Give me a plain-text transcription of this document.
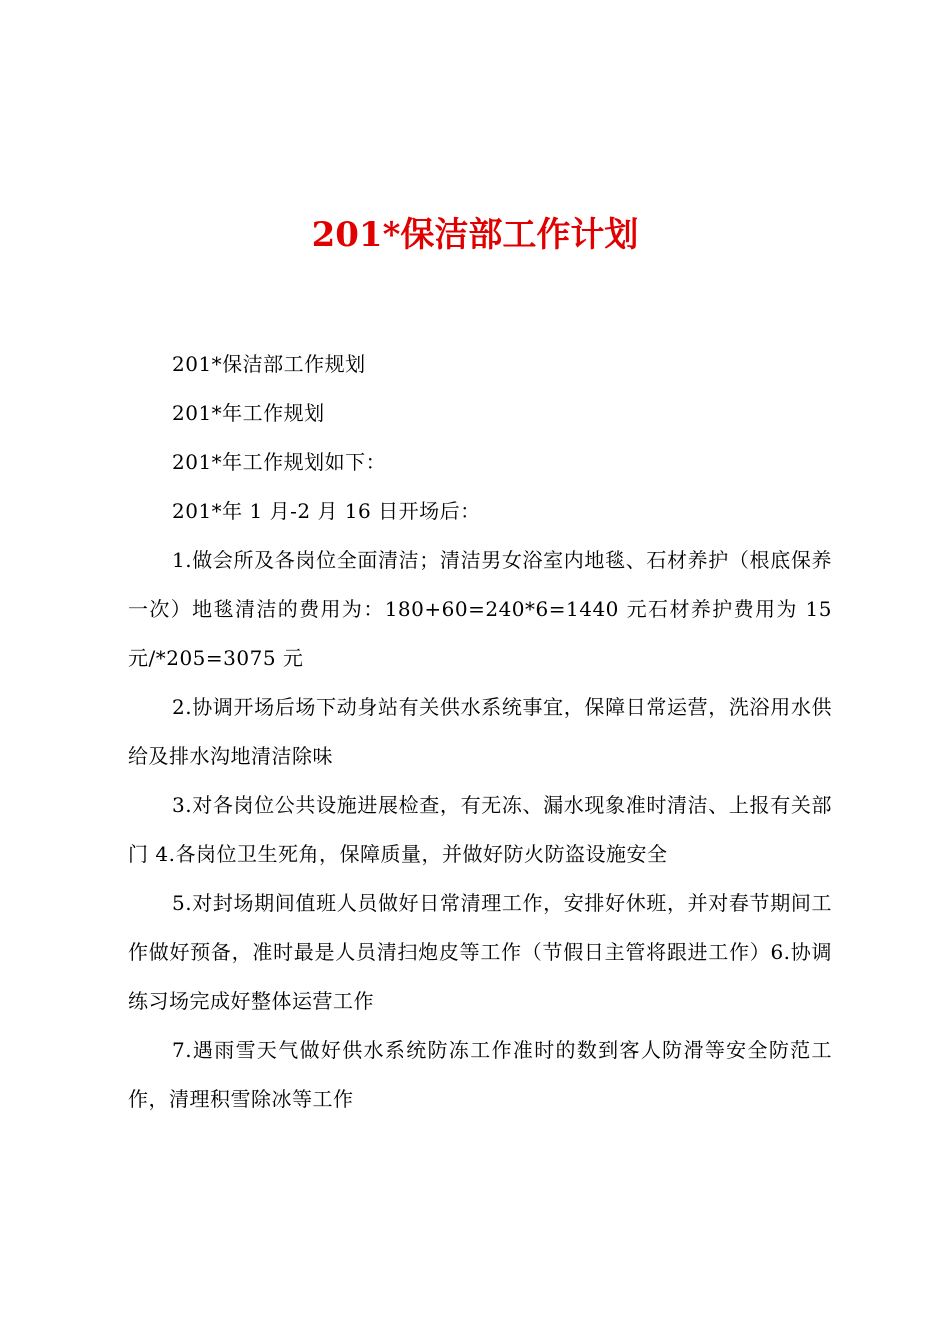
201*保洁部工作计划

201*保洁部工作规划

201*年工作规划

201*年工作规划如下：

201*年 1 月-2 月 16 日开场后：

1.做会所及各岗位全面清洁；清洁男女浴室内地毯、石材养护（根底保养一次）地毯清洁的费用为：180+60=240*6=1440 元石材养护费用为 15 元/*205=3075 元

2.协调开场后场下动身站有关供水系统事宜，保障日常运营，洗浴用水供给及排水沟地清洁除味

3.对各岗位公共设施进展检查，有无冻、漏水现象准时清洁、上报有关部门 4.各岗位卫生死角，保障质量，并做好防火防盗设施安全

5.对封场期间值班人员做好日常清理工作，安排好休班，并对春节期间工作做好预备，准时最是人员清扫炮皮等工作（节假日主管将跟进工作）6.协调练习场完成好整体运营工作

7.遇雨雪天气做好供水系统防冻工作准时的数到客人防滑等安全防范工作，清理积雪除冰等工作
